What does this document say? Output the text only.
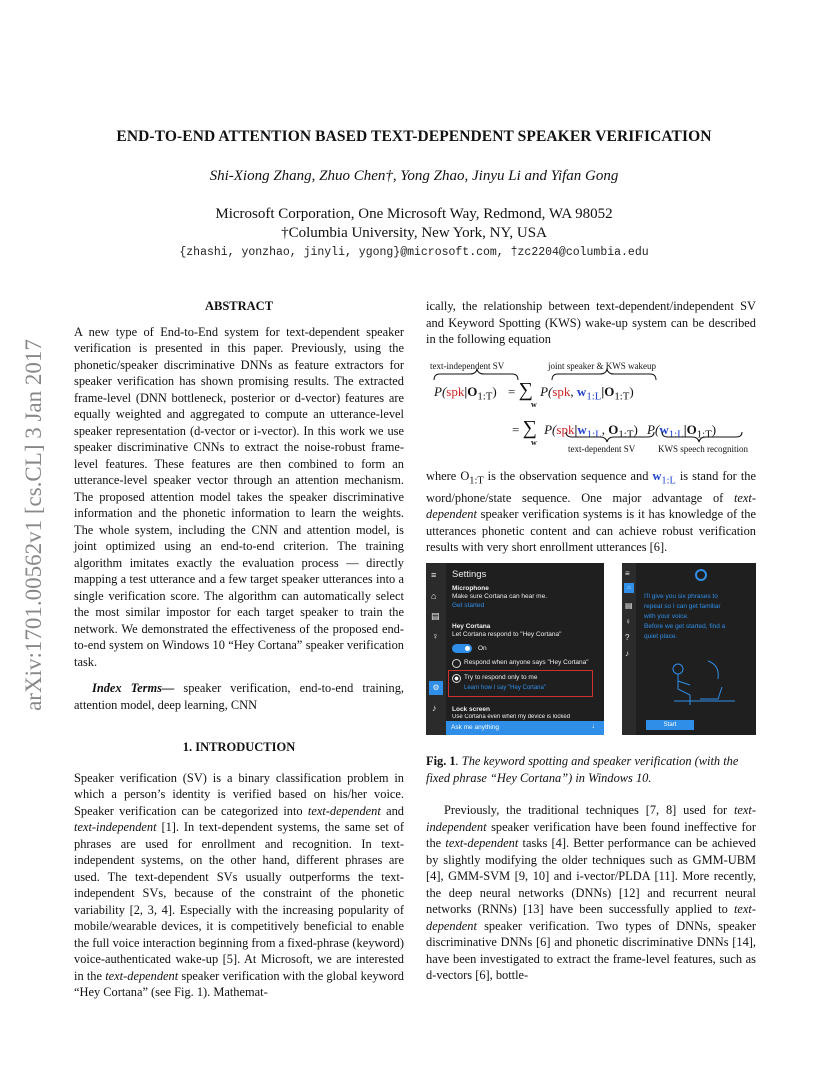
END-TO-END ATTENTION BASED TEXT-DEPENDENT SPEAKER VERIFICATION
Shi-Xiong Zhang, Zhuo Chen†, Yong Zhao, Jinyu Li and Yifan Gong
Microsoft Corporation, One Microsoft Way, Redmond, WA 98052
†Columbia University, New York, NY, USA
{zhashi, yonzhao, jinyli, ygong}@microsoft.com, †zc2204@columbia.edu
arXiv:1701.00562v1 [cs.CL] 3 Jan 2017
ABSTRACT

A new type of End-to-End system for text-dependent speaker verification is presented in this paper. Previously, using the phonetic/speaker discriminative DNNs as feature extractors for speaker verification has shown promising results. The extracted frame-level (DNN bottleneck, posterior or d-vector) features are equally weighted and aggregated to compute an utterance-level speaker representation (d-vector or i-vector). In this work we use speaker discriminative CNNs to extract the noise-robust frame-level features. These features are then combined to form an utterance-level speaker vector through an attention mechanism. The proposed attention model takes the speaker discriminative information and the phonetic information to learn the weights. The whole system, including the CNN and attention model, is joint optimized using an end-to-end criterion. The training algorithm imitates exactly the evaluation process — directly mapping a test utterance and a few target speaker utterances into a single verification score. The algorithm can automatically select the most similar impostor for each target speaker to train the network. We demonstrated the effectiveness of the proposed end-to-end system on Windows 10 “Hey Cortana” speaker verification task.

Index Terms— speaker verification, end-to-end training, attention model, deep learning, CNN

1. INTRODUCTION

Speaker verification (SV) is a binary classification problem in which a person’s identity is verified based on his/her voice. Speaker verification can be categorized into text-dependent and text-independent [1]. In text-dependent systems, the same set of phrases are used for enrollment and recognition. In text-independent systems, on the other hand, different phrases are used. The text-dependent SVs usually outperforms the text-independent SVs, because of the constraint of the phonetic variability [2, 3, 4]. Especially with the increasing popularity of mobile/wearable devices, it is competitively beneficial to enable the full voice interaction beginning from a fixed-phrase (keyword) voice-authenticated wake-up [5]. At Microsoft, we are interested in the text-dependent speaker verification with the global keyword “Hey Cortana” (see Fig. 1). Mathemat-

ically, the relationship between text-dependent/independent SV and Keyword Spotting (KWS) wake-up system can be described in the following equation

text-independent SV	joint speaker & KWS wakeup
$P(spk|O_{1:T})$ = ∑ P(spk, $w_{1:L}|O_{1:T}$)
w
= ∑ $P(spk|w_{1:L}$, $O_{1:T}$) $P(w_{1:L}|O_{1:T})$
w
text-dependent SV	KWS speech recognition

where $O_{1:T}$ is the observation sequence and $w_{1:L}$ is stand for the word/phone/state sequence. One major advantage of text-dependent speaker verification systems is it has knowledge of the utterances phonetic content and can achieve robust verification results with very short enrollment utterances [6].

≡
⌂
▤
♀
⚙
♪
Settings
Microphone
Make sure Cortana can hear me.
Get started
Hey Cortana
Let Cortana respond to "Hey Cortana"
On
Respond when anyone says "Hey Cortana"
Try to respond only to me
Learn how I say "Hey Cortana"
Lock screen
Use Cortana even when my device is locked
Ask me anything	♩
≡
⌂
▤
♀
?
♪
I'll give you six phrases to
repeat so I can get familiar
with your voice.
Before we get started, find a
quiet place.
Start
Fig. 1. The keyword spotting and speaker verification (with the fixed phrase “Hey Cortana”) in Windows 10.

Previously, the traditional techniques [7, 8] used for text-independent speaker verification have been found ineffective for the text-dependent tasks [4]. Better performance can be achieved by slightly modifying the older techniques such as GMM-UBM [4], GMM-SVM [9, 10] and i-vector/PLDA [11]. More recently, the deep neural networks (DNNs) [12] and recurrent neural networks (RNNs) [13] have been successfully applied to text-dependent speaker verification. Two types of DNNs, speaker discriminative DNNs [6] and phonetic discriminative DNNs [14], have been investigated to extract the frame-level features, such as d-vectors [6], bottle-
